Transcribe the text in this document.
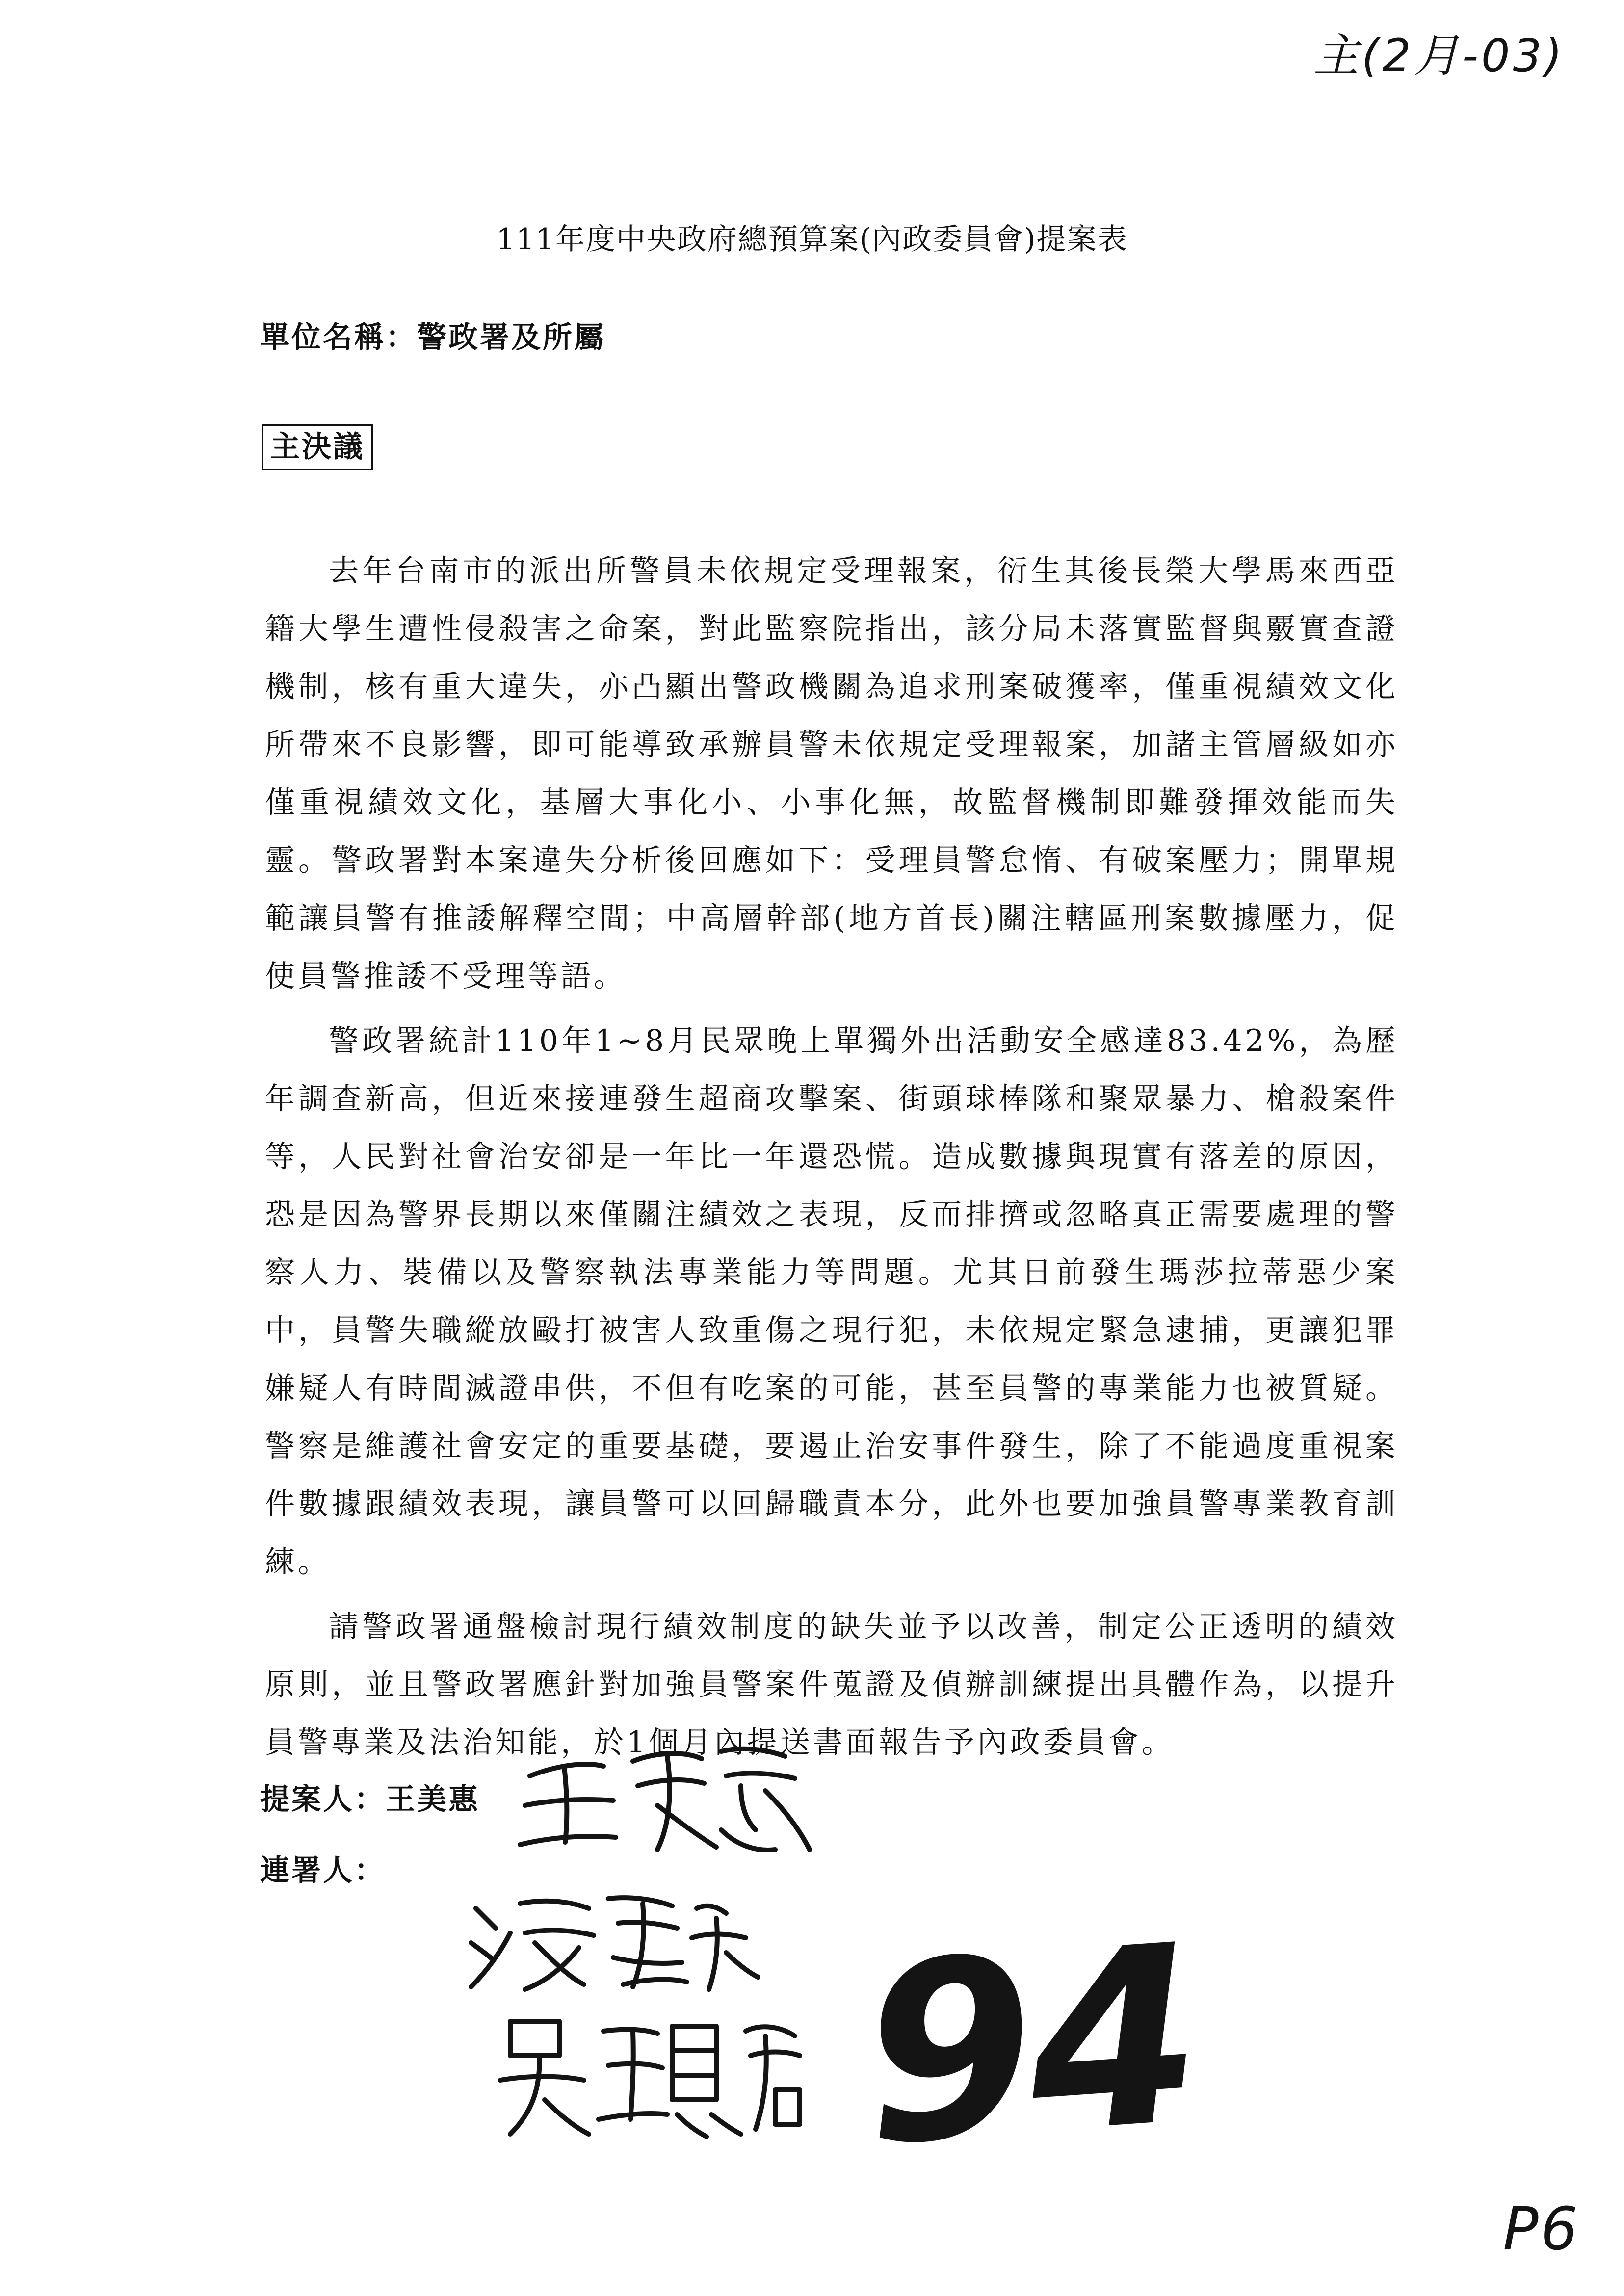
主(2月-03)
111年度中央政府總預算案(內政委員會)提案表
單位名稱：警政署及所屬
主決議

去年台南市的派出所警員未依規定受理報案，衍生其後長榮大學馬來西亞籍大學生遭性侵殺害之命案，對此監察院指出，該分局未落實監督與覈實查證機制，核有重大違失，亦凸顯出警政機關為追求刑案破獲率，僅重視績效文化所帶來不良影響，即可能導致承辦員警未依規定受理報案，加諸主管層級如亦僅重視績效文化，基層大事化小、小事化無，故監督機制即難發揮效能而失靈。警政署對本案違失分析後回應如下：受理員警怠惰、有破案壓力；開單規範讓員警有推諉解釋空間；中高層幹部(地方首長)關注轄區刑案數據壓力，促使員警推諉不受理等語。

警政署統計110年1~8月民眾晚上單獨外出活動安全感達83.42%，為歷年調查新高，但近來接連發生超商攻擊案、街頭球棒隊和聚眾暴力、槍殺案件等，人民對社會治安卻是一年比一年還恐慌。造成數據與現實有落差的原因，恐是因為警界長期以來僅關注績效之表現，反而排擠或忽略真正需要處理的警察人力、裝備以及警察執法專業能力等問題。尤其日前發生瑪莎拉蒂惡少案中，員警失職縱放毆打被害人致重傷之現行犯，未依規定緊急逮捕，更讓犯罪嫌疑人有時間滅證串供，不但有吃案的可能，甚至員警的專業能力也被質疑。警察是維護社會安定的重要基礎，要遏止治安事件發生，除了不能過度重視案件數據跟績效表現，讓員警可以回歸職責本分，此外也要加強員警專業教育訓練。

請警政署通盤檢討現行績效制度的缺失並予以改善，制定公正透明的績效原則，並且警政署應針對加強員警案件蒐證及偵辦訓練提出具體作為，以提升員警專業及法治知能，於1個月內提送書面報告予內政委員會。

提案人：王美惠
連署人：
94
P6
